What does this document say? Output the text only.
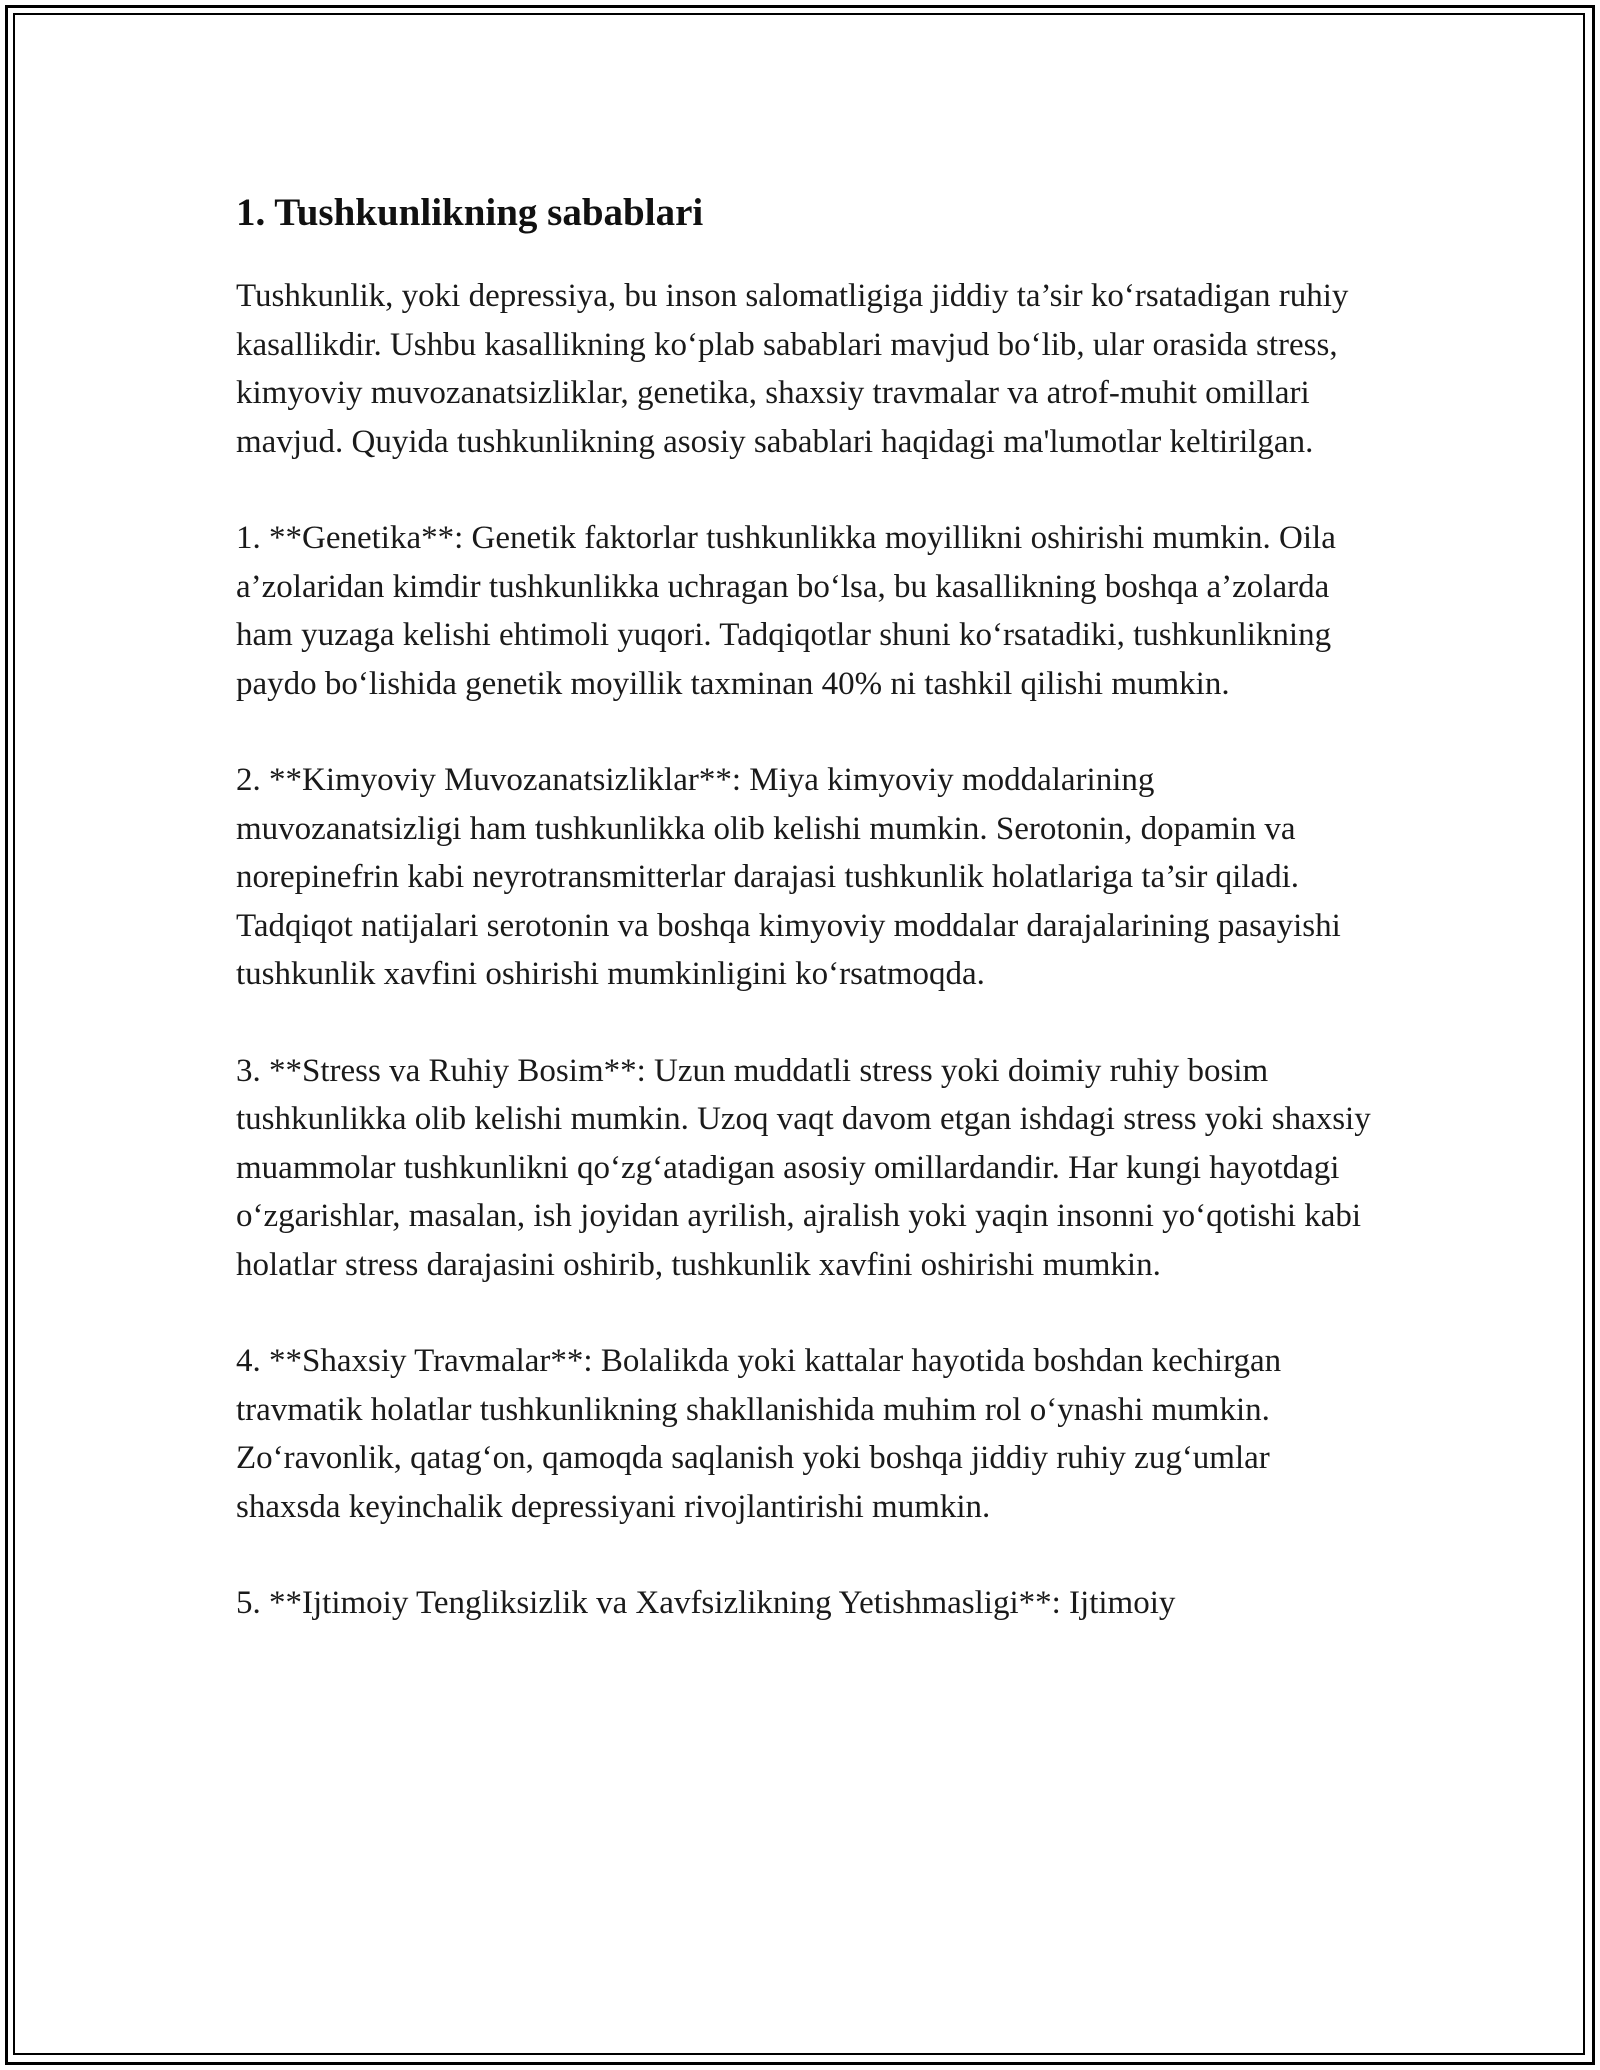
1. Tushkunlikning sabablari

Tushkunlik, yoki depressiya, bu inson salomatligiga jiddiy ta’sir ko‘rsatadigan ruhiy kasallikdir. Ushbu kasallikning ko‘plab sabablari mavjud bo‘lib, ular orasida stress, kimyoviy muvozanatsizliklar, genetika, shaxsiy travmalar va atrof-muhit omillari mavjud. Quyida tushkunlikning asosiy sabablari haqidagi ma'lumotlar keltirilgan.

1. **Genetika**: Genetik faktorlar tushkunlikka moyillikni oshirishi mumkin. Oila a’zolaridan kimdir tushkunlikka uchragan bo‘lsa, bu kasallikning boshqa a’zolarda ham yuzaga kelishi ehtimoli yuqori. Tadqiqotlar shuni ko‘rsatadiki, tushkunlikning paydo bo‘lishida genetik moyillik taxminan 40% ni tashkil qilishi mumkin.

2. **Kimyoviy Muvozanatsizliklar**: Miya kimyoviy moddalarining muvozanatsizligi ham tushkunlikka olib kelishi mumkin. Serotonin, dopamin va norepinefrin kabi neyrotransmitterlar darajasi tushkunlik holatlariga ta’sir qiladi. Tadqiqot natijalari serotonin va boshqa kimyoviy moddalar darajalarining pasayishi tushkunlik xavfini oshirishi mumkinligini ko‘rsatmoqda.

3. **Stress va Ruhiy Bosim**: Uzun muddatli stress yoki doimiy ruhiy bosim tushkunlikka olib kelishi mumkin. Uzoq vaqt davom etgan ishdagi stress yoki shaxsiy muammolar tushkunlikni qo‘zg‘atadigan asosiy omillardandir. Har kungi hayotdagi o‘zgarishlar, masalan, ish joyidan ayrilish, ajralish yoki yaqin insonni yo‘qotishi kabi holatlar stress darajasini oshirib, tushkunlik xavfini oshirishi mumkin.

4. **Shaxsiy Travmalar**: Bolalikda yoki kattalar hayotida boshdan kechirgan travmatik holatlar tushkunlikning shakllanishida muhim rol o‘ynashi mumkin. Zo‘ravonlik, qatag‘on, qamoqda saqlanish yoki boshqa jiddiy ruhiy zug‘umlar shaxsda keyinchalik depressiyani rivojlantirishi mumkin.

5. **Ijtimoiy Tengliksizlik va Xavfsizlikning Yetishmasligi**: Ijtimoiy
